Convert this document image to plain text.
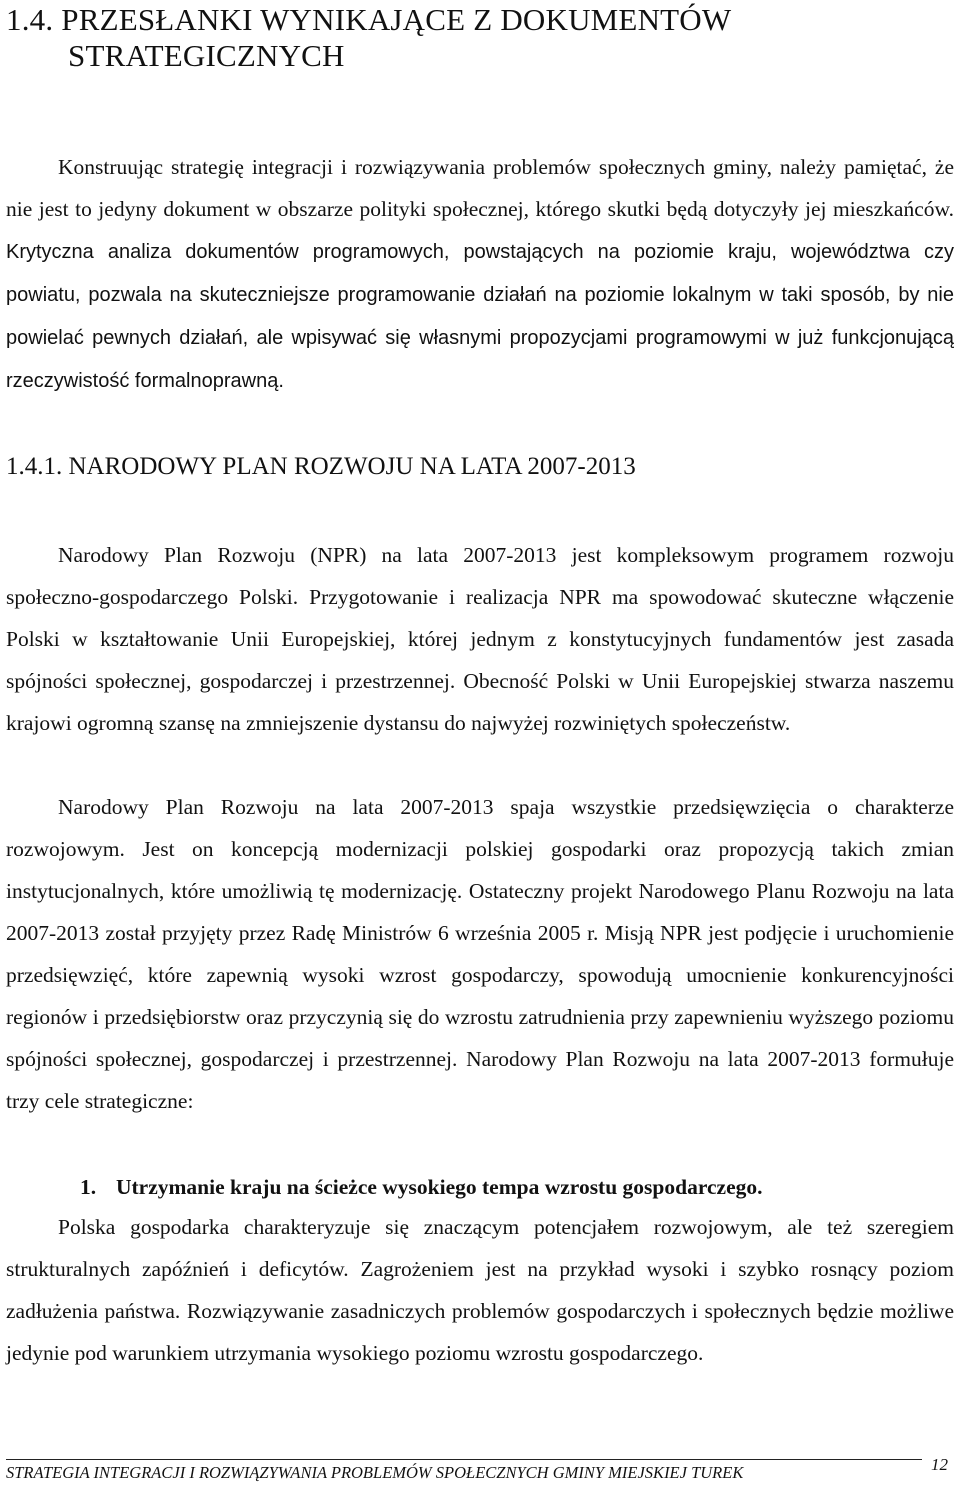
1.4. PRZESŁANKI WYNIKAJĄCE Z DOKUMENTÓW
STRATEGICZNYCH

Konstruując strategię integracji i rozwiązywania problemów społecznych gminy, należy pamiętać, że nie jest to jedyny dokument w obszarze polityki społecznej, którego skutki będą dotyczyły jej mieszkańców. Krytyczna analiza dokumentów programowych, powstających na poziomie kraju, województwa czy powiatu, pozwala na skuteczniejsze programowanie działań na poziomie lokalnym w taki sposób, by nie powielać pewnych działań, ale wpisywać się własnymi propozycjami programowymi w już funkcjonującą rzeczywistość formalnoprawną.

1.4.1. NARODOWY PLAN ROZWOJU NA LATA 2007-2013

Narodowy Plan Rozwoju (NPR) na lata 2007-2013 jest kompleksowym programem rozwoju społeczno-gospodarczego Polski. Przygotowanie i realizacja NPR ma spowodować skuteczne włączenie Polski w kształtowanie Unii Europejskiej, której jednym z konstytucyjnych fundamentów jest zasada spójności społecznej, gospodarczej i przestrzennej. Obecność Polski w Unii Europejskiej stwarza naszemu krajowi ogromną szansę na zmniejszenie dystansu do najwyżej rozwiniętych społeczeństw.

Narodowy Plan Rozwoju na lata 2007-2013 spaja wszystkie przedsięwzięcia o charakterze rozwojowym. Jest on koncepcją modernizacji polskiej gospodarki oraz propozycją takich zmian instytucjonalnych, które umożliwią tę modernizację. Ostateczny projekt Narodowego Planu Rozwoju na lata 2007-2013 został przyjęty przez Radę Ministrów 6 września 2005 r. Misją NPR jest podjęcie i uruchomienie przedsięwzięć, które zapewnią wysoki wzrost gospodarczy, spowodują umocnienie konkurencyjności regionów i przedsiębiorstw oraz przyczynią się do wzrostu zatrudnienia przy zapewnieniu wyższego poziomu spójności społecznej, gospodarczej i przestrzennej. Narodowy Plan Rozwoju na lata 2007-2013 formułuje trzy cele strategiczne:

1. Utrzymanie kraju na ścieżce wysokiego tempa wzrostu gospodarczego.

Polska gospodarka charakteryzuje się znaczącym potencjałem rozwojowym, ale też szeregiem strukturalnych zapóźnień i deficytów. Zagrożeniem jest na przykład wysoki i szybko rosnący poziom zadłużenia państwa. Rozwiązywanie zasadniczych problemów gospodarczych i społecznych będzie możliwe jedynie pod warunkiem utrzymania wysokiego poziomu wzrostu gospodarczego.

STRATEGIA INTEGRACJI I ROZWIĄZYWANIA PROBLEMÓW SPOŁECZNYCH GMINY MIEJSKIEJ TUREK	12
